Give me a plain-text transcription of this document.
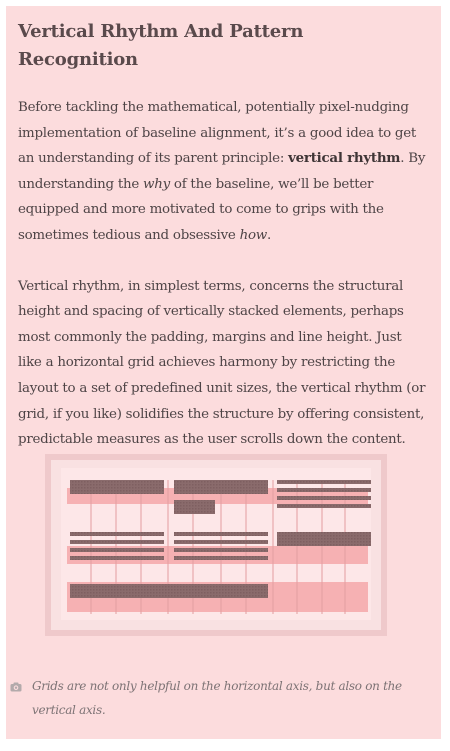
Vertical Rhythm And Pattern Recognition

Before tackling the mathematical, potentially pixel-nudging implementation of baseline alignment, it’s a good idea to get an understanding of its parent principle: vertical rhythm. By understanding the why of the baseline, we’ll be better equipped and more motivated to come to grips with the sometimes tedious and obsessive how.

Vertical rhythm, in simplest terms, concerns the structural height and spacing of vertically stacked elements, perhaps most commonly the padding, margins and line height. Just like a horizontal grid achieves harmony by restricting the layout to a set of predefined unit sizes, the vertical rhythm (or grid, if you like) solidifies the structure by offering consistent, predictable measures as the user scrolls down the content.

Grids are not only helpful on the horizontal axis, but also on the vertical axis.
